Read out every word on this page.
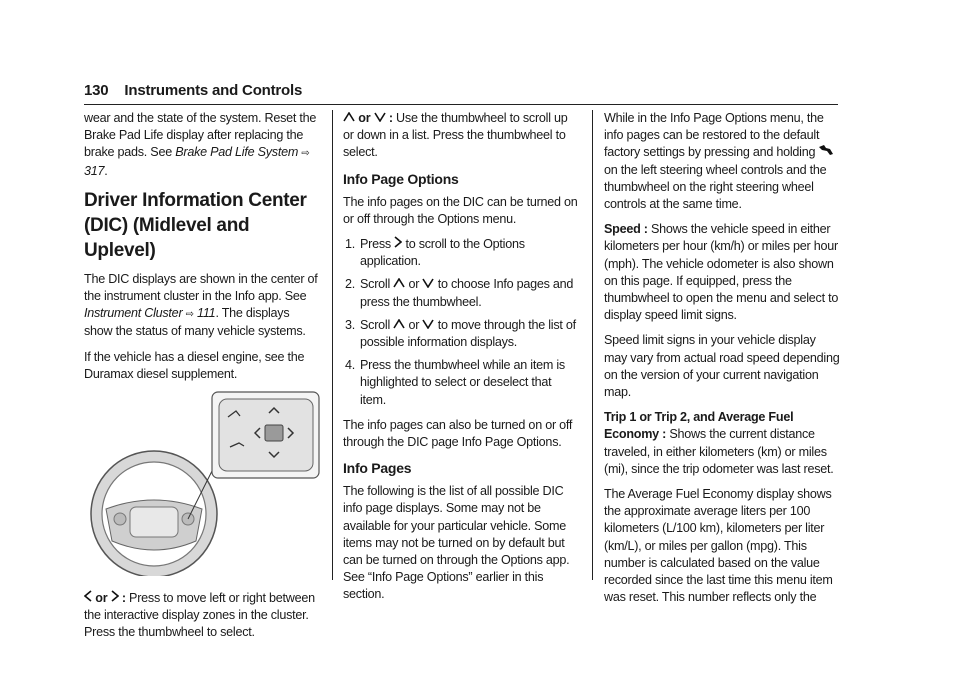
130 Instruments and Controls

wear and the state of the system. Reset the Brake Pad Life display after replacing the brake pads. See Brake Pad Life System ⇨ 317.

Driver Information Center (DIC) (Midlevel and Uplevel)

The DIC displays are shown in the center of the instrument cluster in the Info app. See Instrument Cluster ⇨ 111. The displays show the status of many vehicle systems.

If the vehicle has a diesel engine, see the Duramax diesel supplement.

or  : Press to move left or right between the interactive display zones in the cluster. Press the thumbwheel to select.

or  : Use the thumbwheel to scroll up or down in a list. Press the thumbwheel to select.

Info Page Options

The info pages on the DIC can be turned on or off through the Options menu.

1. Press  to scroll to the Options application.
2. Scroll  or  to choose Info pages and press the thumbwheel.
3. Scroll  or  to move through the list of possible information displays.
4. Press the thumbwheel while an item is highlighted to select or deselect that item.

The info pages can also be turned on or off through the DIC page Info Page Options.

Info Pages

The following is the list of all possible DIC info page displays. Some may not be available for your particular vehicle. Some items may not be turned on by default but can be turned on through the Options app. See “Info Page Options” earlier in this section.

While in the Info Page Options menu, the info pages can be restored to the default factory settings by pressing and holding  on the left steering wheel controls and the thumbwheel on the right steering wheel controls at the same time.

Speed : Shows the vehicle speed in either kilometers per hour (km/h) or miles per hour (mph). The vehicle odometer is also shown on this page. If equipped, press the thumbwheel to open the menu and select to display speed limit signs.

Speed limit signs in your vehicle display may vary from actual road speed depending on the version of your current navigation map.

Trip 1 or Trip 2, and Average Fuel Economy : Shows the current distance traveled, in either kilometers (km) or miles (mi), since the trip odometer was last reset.

The Average Fuel Economy display shows the approximate average liters per 100 kilometers (L/100 km), kilometers per liter (km/L), or miles per gallon (mpg). This number is calculated based on the value recorded since the last time this menu item was reset. This number reflects only the
